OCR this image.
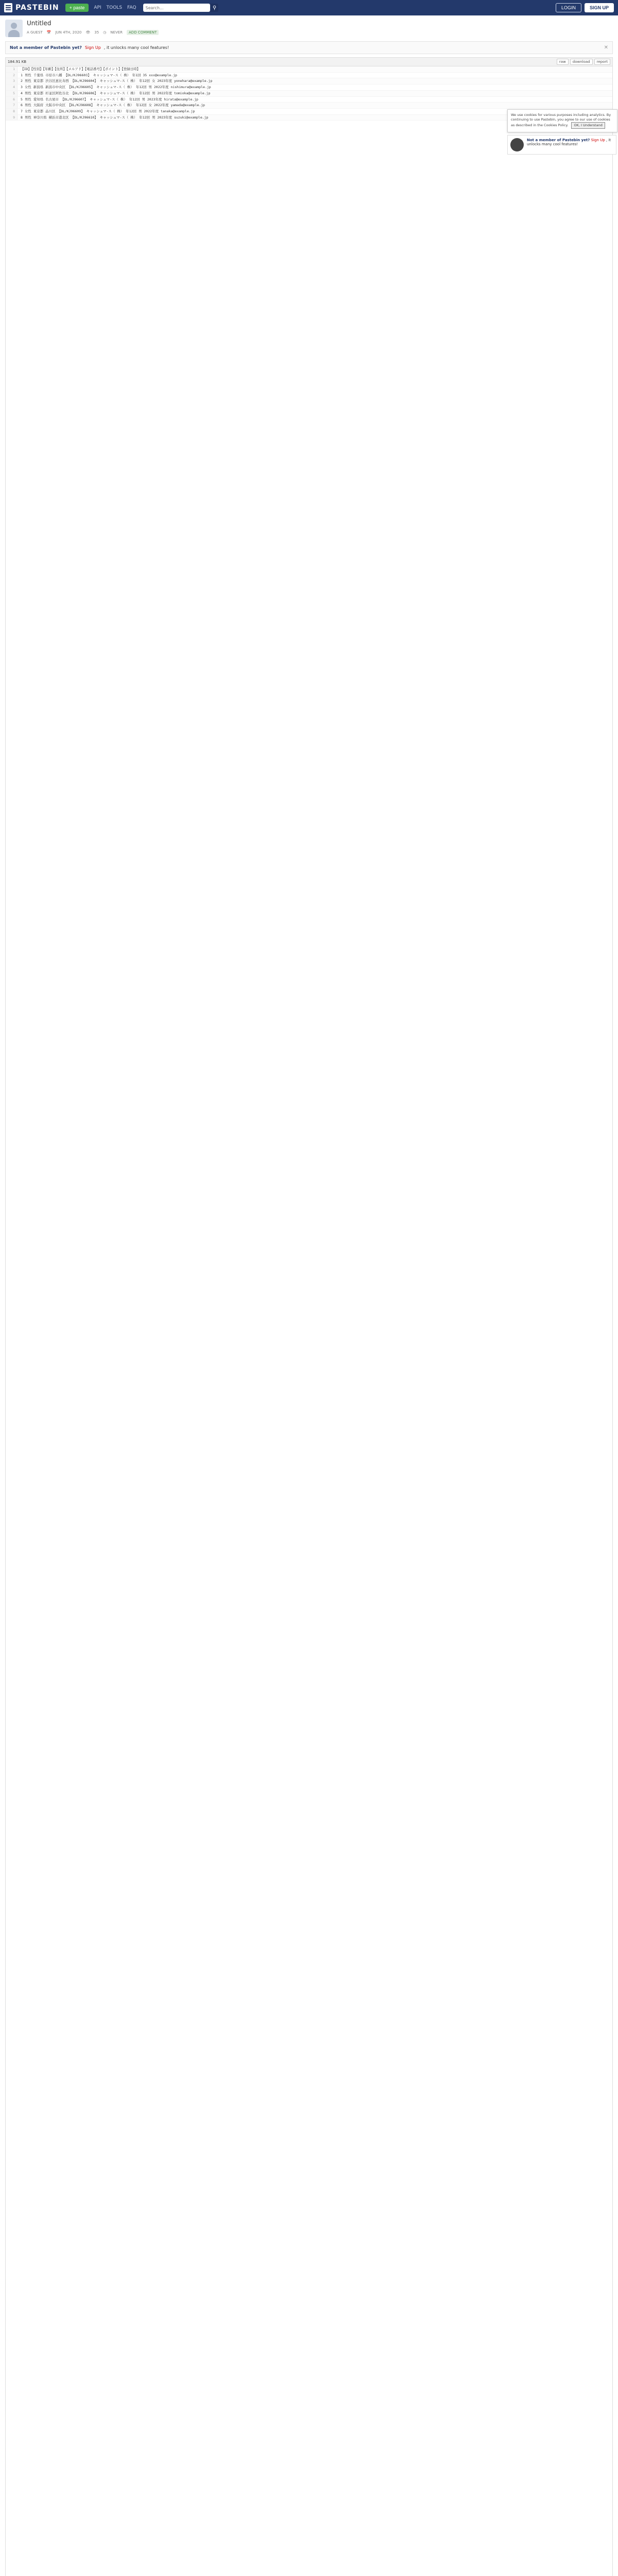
PASTEBIN	+ paste	API TOOLS FAQ
Search...	⚲	LOGIN	SIGN UP
Untitled
A GUEST 📅 JUN 4TH, 2020 👁 35 ◷ NEVER	ADD COMMENT
Not a member of Pastebin yet? Sign Up , it unlocks many cool features!	✕
184.91 KB	raw	download	report
1	【ID】【性別】【年齢】【住所】【メルアド】【電話番号】【ポイント】【登録日時】
2	1 男性 千葉県 市原市八幡 【DL/KJ96603】 キャッシュマ-ス（ 株）　年1回 35 xxx@example.jp
3	2 男性 東京都 渋谷区恵比寿西 【DL/KJ96604】 キャッシュマ-ス（ 株） 年12回 女 2023年度 yonehara@example.jp
4	3 女性 新潟県 新潟市中央区 【DL/KJ96605】 キャッシュマ-ス（ 株） 年12回 男 2022年度 nishimura@example.jp
5	4 男性 東京都 杉並区阿佐谷北 【DL/KJ96606】 キャッシュマ-ス（ 株） 年12回 男 2022年度 tomioka@example.jp
6	5 男性 愛知県 名古屋市 【DL/KJ96607】 キャッシュマ-ス（ 株） 年12回 男 2023年度 hirata@example.jp
7	6 男性 大阪府 大阪市中央区 【DL/KJ96608】 キャッシュマ-ス（ 株） 年12回 女 2022年度 yamada@example.jp
8	7 女性 東京都 品川区 【DL/KJ96609】 キャッシュマ-ス（ 株） 年12回 男 2022年度 tanaka@example.jp
9	8 男性 神奈川県 横浜市港北区 【DL/KJ96610】 キャッシュマ-ス（ 株） 年12回 男 2023年度 suzuki@example.jp
We use cookies for various purposes including analytics. By continuing to use Pastebin, you agree to our use of cookies as described in the Cookies Policy. OK, I Understand
Not a member of Pastebin yet? Sign Up , it unlocks many cool features!
